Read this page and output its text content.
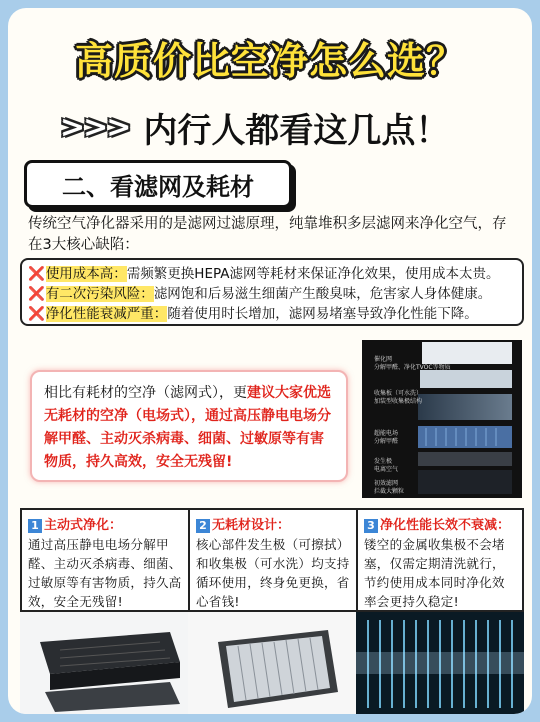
高质价比空净怎么选？
>>> 内行人都看这几点！
二、看滤网及耗材
传统空气净化器采用的是滤网过滤原理，纯靠堆积多层滤网来净化空气，存在3大核心缺陷：
❌使用成本高：需频繁更换HEPA滤网等耗材来保证净化效果，使用成本太贵。
❌有二次污染风险：滤网饱和后易滋生细菌产生酸臭味，危害家人身体健康。
❌净化性能衰减严重：随着使用时长增加，滤网易堵塞导致净化性能下降。
相比有耗材的空净（滤网式），更建议大家优选无耗材的空净（电场式），通过高压静电电场分解甲醛、主动灭杀病毒、细菌、过敏原等有害物质，持久高效，安全无残留!
催化网
分解甲醛、净化TVOC等物质
收集板（可水洗）
加装型收集极结构
超能电场
分解甲醛
发生极
电离空气
初效滤网
拦截大颗粒
1 主动式净化：
通过高压静电电场分解甲醛、主动灭杀病毒、细菌、过敏原等有害物质，持久高效，安全无残留!
2 无耗材设计：
核心部件发生极（可擦拭）和收集极（可水洗）均支持循环使用，终身免更换，省心省钱!
3 净化性能长效不衰减：
镂空的金属收集极不会堵塞，仅需定期清洗就行，节约使用成本同时净化效率会更持久稳定!
